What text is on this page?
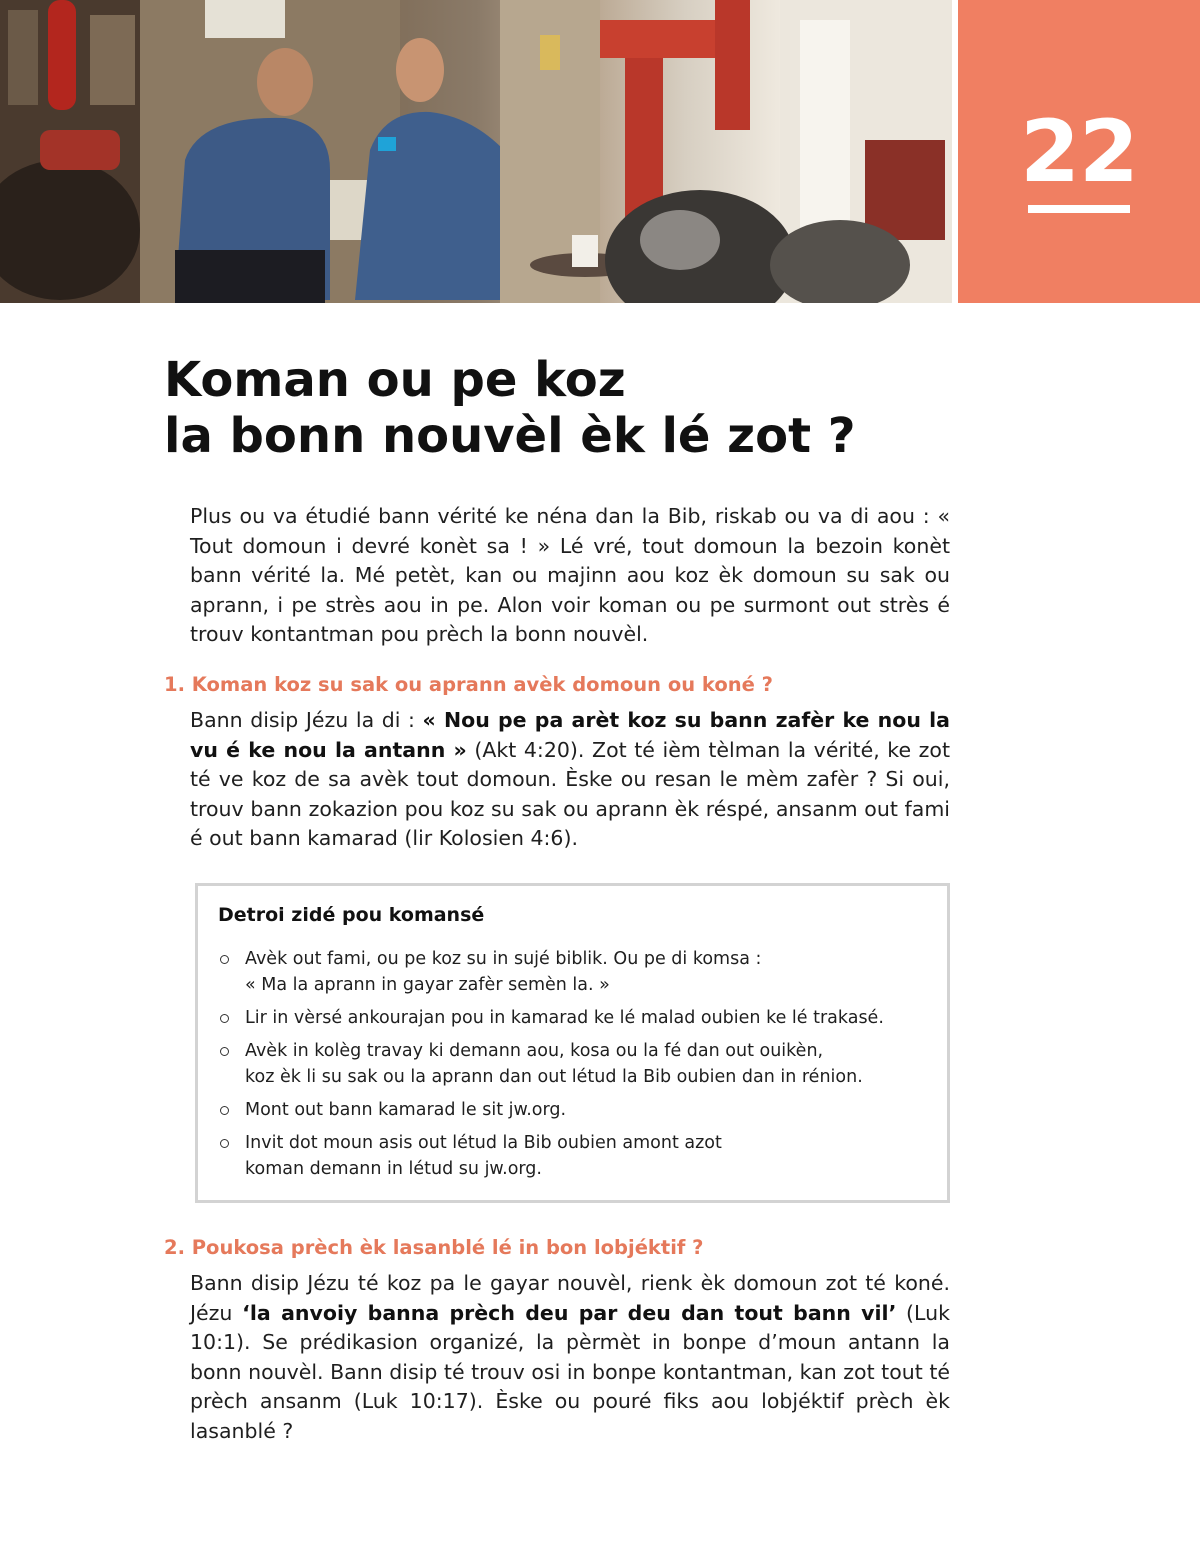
22
Koman ou pe koz
la bonn nouvèl èk lé zot ?

Plus ou va étudié bann vérité ke néna dan la Bib, riskab ou va di aou : « Tout domoun i devré konèt sa ! » Lé vré, tout domoun la bezoin konèt bann vérité la. Mé petèt, kan ou majinn aou koz èk domoun su sak ou aprann, i pe strès aou in pe. Alon voir koman ou pe surmont out strès é trouv kontantman pou prèch la bonn nouvèl.

1. Koman koz su sak ou aprann avèk domoun ou koné ?

Bann disip Jézu la di : « Nou pe pa arèt koz su bann zafèr ke nou la vu é ke nou la antann » (Akt 4:20). Zot té ièm tèlman la vérité, ke zot té ve koz de sa avèk tout domoun. Èske ou resan le mèm zafèr ? Si oui, trouv bann zokazion pou koz su sak ou aprann èk réspé, ansanm out fami é out bann kamarad (lir Kolosien 4:6).

Detroi zidé pou komansé
Avèk out fami, ou pe koz su in sujé biblik. Ou pe di komsa :
« Ma la aprann in gayar zafèr semèn la. »
Lir in vèrsé ankourajan pou in kamarad ke lé malad oubien ke lé trakasé.
Avèk in kolèg travay ki demann aou, kosa ou la fé dan out ouikèn,
koz èk li su sak ou la aprann dan out létud la Bib oubien dan in rénion.
Mont out bann kamarad le sit jw.org.
Invit dot moun asis out létud la Bib oubien amont azot
koman demann in létud su jw.org.
2. Poukosa prèch èk lasanblé lé in bon lobjéktif ?

Bann disip Jézu té koz pa le gayar nouvèl, rienk èk domoun zot té koné. Jézu ‘la anvoiy banna prèch deu par deu dan tout bann vil’ (Luk 10:1). Se prédikasion organizé, la pèrmèt in bonpe d’moun antann la bonn nouvèl. Bann disip té trouv osi in bonpe kontantman, kan zot tout té prèch ansanm (Luk 10:17). Èske ou pouré fiks aou lobjéktif prèch èk lasanblé ?
